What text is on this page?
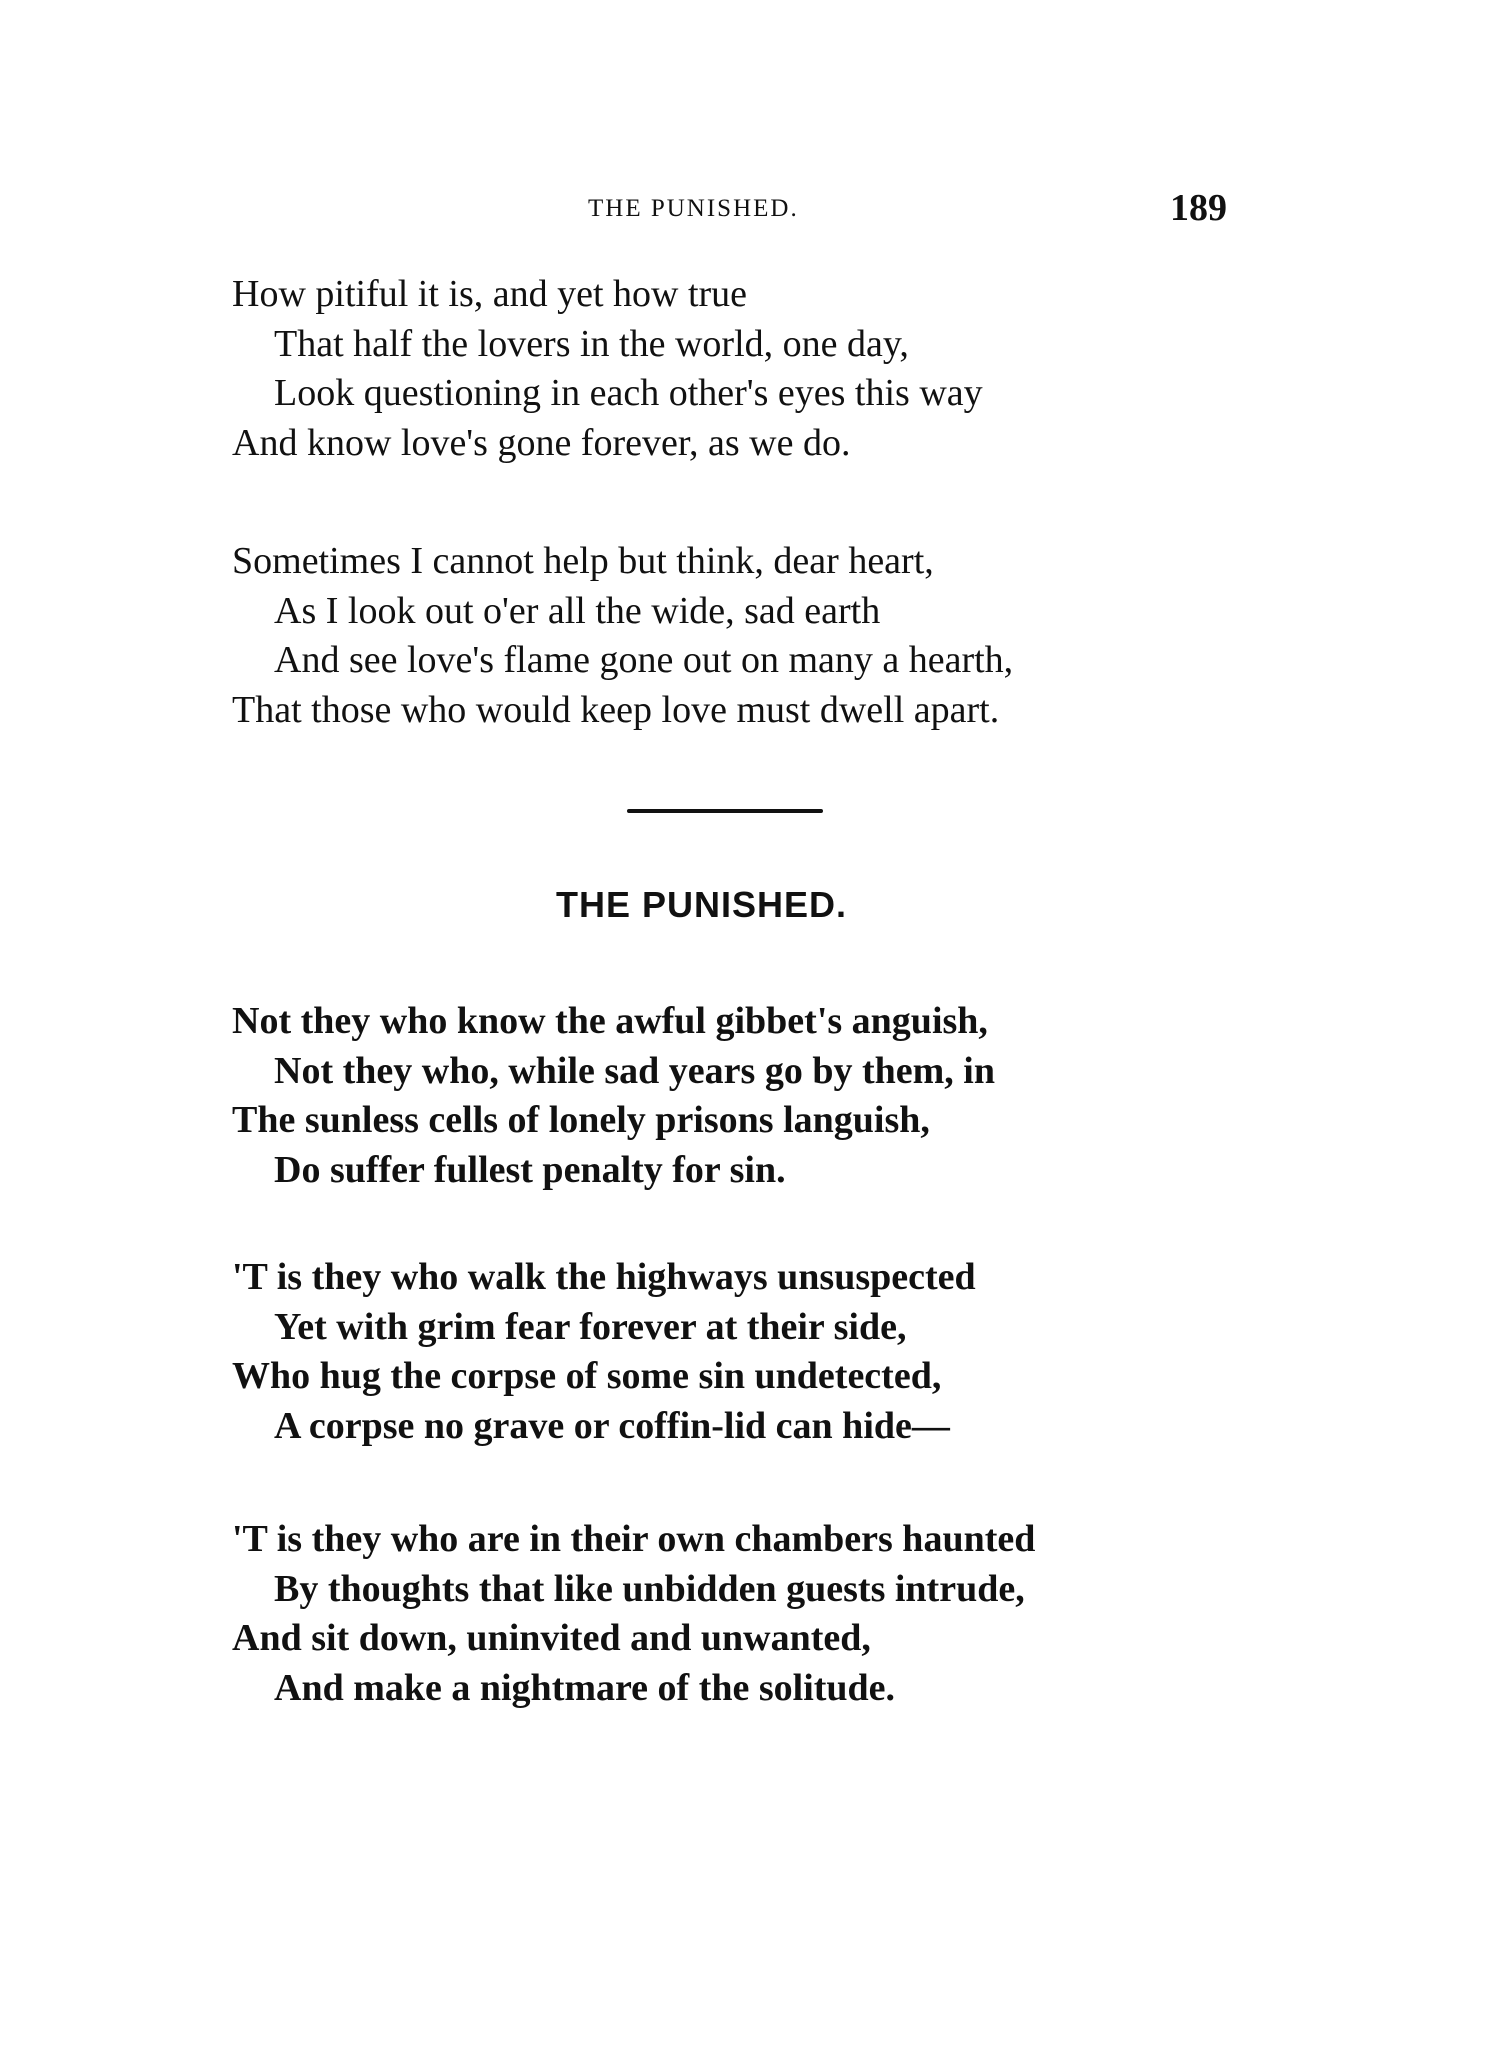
THE PUNISHED.	189
How pitiful it is, and yet how true
That half the lovers in the world, one day,
Look questioning in each other's eyes this way
And know love's gone forever, as we do.
Sometimes I cannot help but think, dear heart,
As I look out o'er all the wide, sad earth
And see love's flame gone out on many a hearth,
That those who would keep love must dwell apart.
THE PUNISHED.
Not they who know the awful gibbet's anguish,
Not they who, while sad years go by them, in
The sunless cells of lonely prisons languish,
Do suffer fullest penalty for sin.
'T is they who walk the highways unsuspected
Yet with grim fear forever at their side,
Who hug the corpse of some sin undetected,
A corpse no grave or coffin-lid can hide—
'T is they who are in their own chambers haunted
By thoughts that like unbidden guests intrude,
And sit down, uninvited and unwanted,
And make a nightmare of the solitude.
